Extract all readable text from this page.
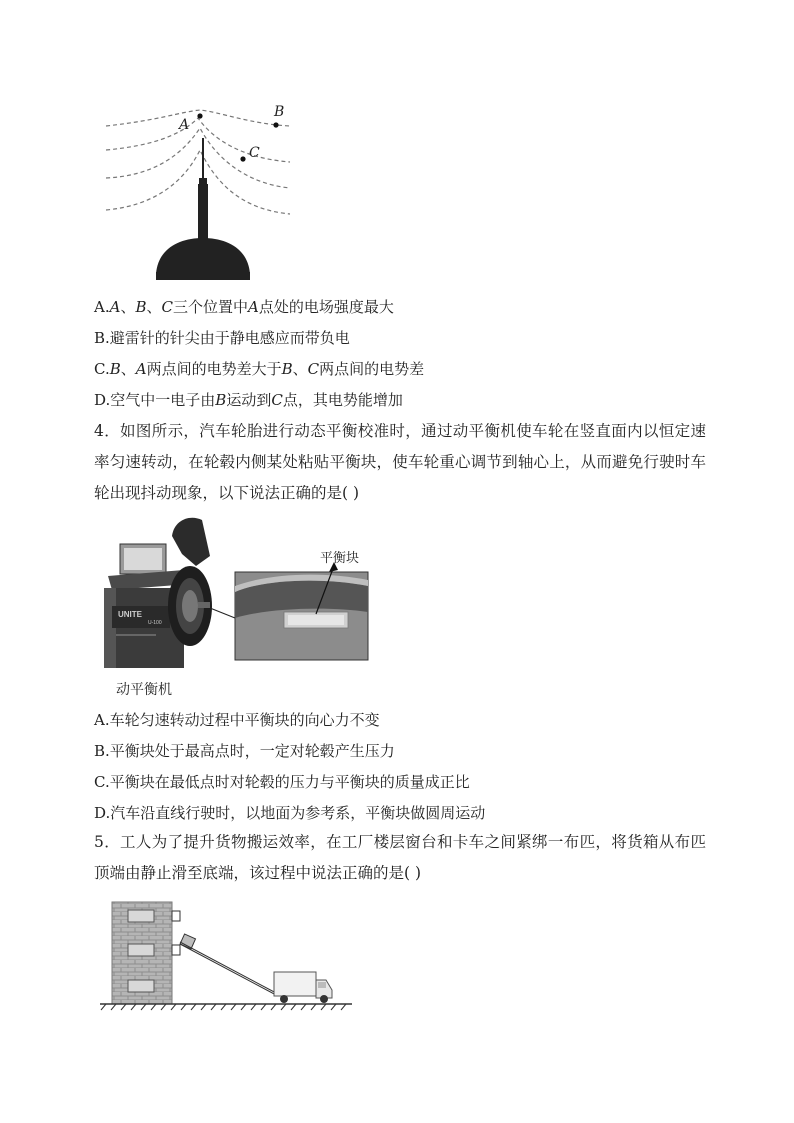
A
B
C
A.A、B、C三个位置中A点处的电场强度最大
B.避雷针的针尖由于静电感应而带负电
C.B、A两点间的电势差大于B、C两点间的电势差
D.空气中一电子由B运动到C点，其电势能增加
4．如图所示，汽车轮胎进行动态平衡校准时，通过动平衡机使车轮在竖直面内以恒定速率匀速转动，在轮毂内侧某处粘贴平衡块，使车轮重心调节到轴心上，从而避免行驶时车轮出现抖动现象，以下说法正确的是( )
UNITE
U-100
平衡块
动平衡机
A.车轮匀速转动过程中平衡块的向心力不变
B.平衡块处于最高点时，一定对轮毂产生压力
C.平衡块在最低点时对轮毂的压力与平衡块的质量成正比
D.汽车沿直线行驶时，以地面为参考系，平衡块做圆周运动
5．工人为了提升货物搬运效率，在工厂楼层窗台和卡车之间紧绑一布匹，将货箱从布匹顶端由静止滑至底端，该过程中说法正确的是( )
